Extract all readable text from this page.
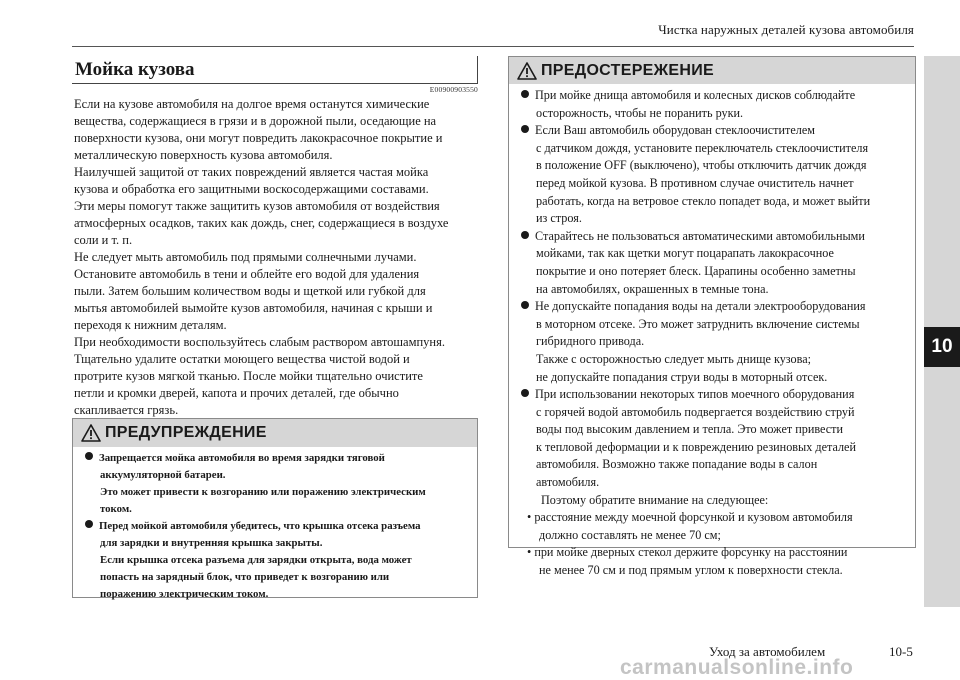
Чистка наружных деталей кузова автомобиля
10
Мойка кузова
E00900903550

Если на кузове автомобиля на долгое время останутся химические

вещества, содержащиеся в грязи и в дорожной пыли, оседающие на

поверхности кузова, они могут повредить лакокрасочное покрытие и

металлическую поверхность кузова автомобиля.

Наилучшей защитой от таких повреждений является частая мойка

кузова и обработка его защитными воскосодержащими составами.

Эти меры помогут также защитить кузов автомобиля от воздействия

атмосферных осадков, таких как дождь, снег, содержащиеся в воздухе

соли и т. п.

Не следует мыть автомобиль под прямыми солнечными лучами.

Остановите автомобиль в тени и облейте его водой для удаления

пыли. Затем большим количеством воды и щеткой или губкой для

мытья автомобилей вымойте кузов автомобиля, начиная с крыши и

переходя к нижним деталям.

При необходимости воспользуйтесь слабым раствором автошампуня.

Тщательно удалите остатки моющего вещества чистой водой и

протрите кузов мягкой тканью. После мойки тщательно очистите

петли и кромки дверей, капота и прочих деталей, где обычно

скапливается грязь.

ПРЕДУПРЕЖДЕНИЕ

Запрещается мойка автомобиля во время зарядки тяговой

аккумуляторной батареи.

Это может привести к возгоранию или поражению электрическим

током.

Перед мойкой автомобиля убедитесь, что крышка отсека разъема

для зарядки и внутренняя крышка закрыты.

Если крышка отсека разъема для зарядки открыта, вода может

попасть на зарядный блок, что приведет к возгоранию или

поражению электрическим током.

ПРЕДОСТЕРЕЖЕНИЕ

При мойке днища автомобиля и колесных дисков соблюдайте

осторожность, чтобы не поранить руки.

Если Ваш автомобиль оборудован стеклоочистителем

с датчиком дождя, установите переключатель стеклоочистителя

в положение OFF (выключено), чтобы отключить датчик дождя

перед мойкой кузова. В противном случае очиститель начнет

работать, когда на ветровое стекло попадет вода, и может выйти

из строя.

Старайтесь не пользоваться автоматическими автомобильными

мойками, так как щетки могут поцарапать лакокрасочное

покрытие и оно потеряет блеск. Царапины особенно заметны

на автомобилях, окрашенных в темные тона.

Не допускайте попадания воды на детали электрооборудования

в моторном отсеке. Это может затруднить включение системы

гибридного привода.

Также с осторожностью следует мыть днище кузова;

не допускайте попадания струи воды в моторный отсек.

При использовании некоторых типов моечного оборудования

с горячей водой автомобиль подвергается воздействию струй

воды под высоким давлением и тепла. Это может привести

к тепловой деформации и к повреждению резиновых деталей

автомобиля. Возможно также попадание воды в салон

автомобиля.

Поэтому обратите внимание на следующее:

• расстояние между моечной форсункой и кузовом автомобиля

должно составлять не менее 70 см;

• при мойке дверных стекол держите форсунку на расстоянии

не менее 70 см и под прямым углом к поверхности стекла.

Уход за автомобилем	10-5
carmanualsonline.info
